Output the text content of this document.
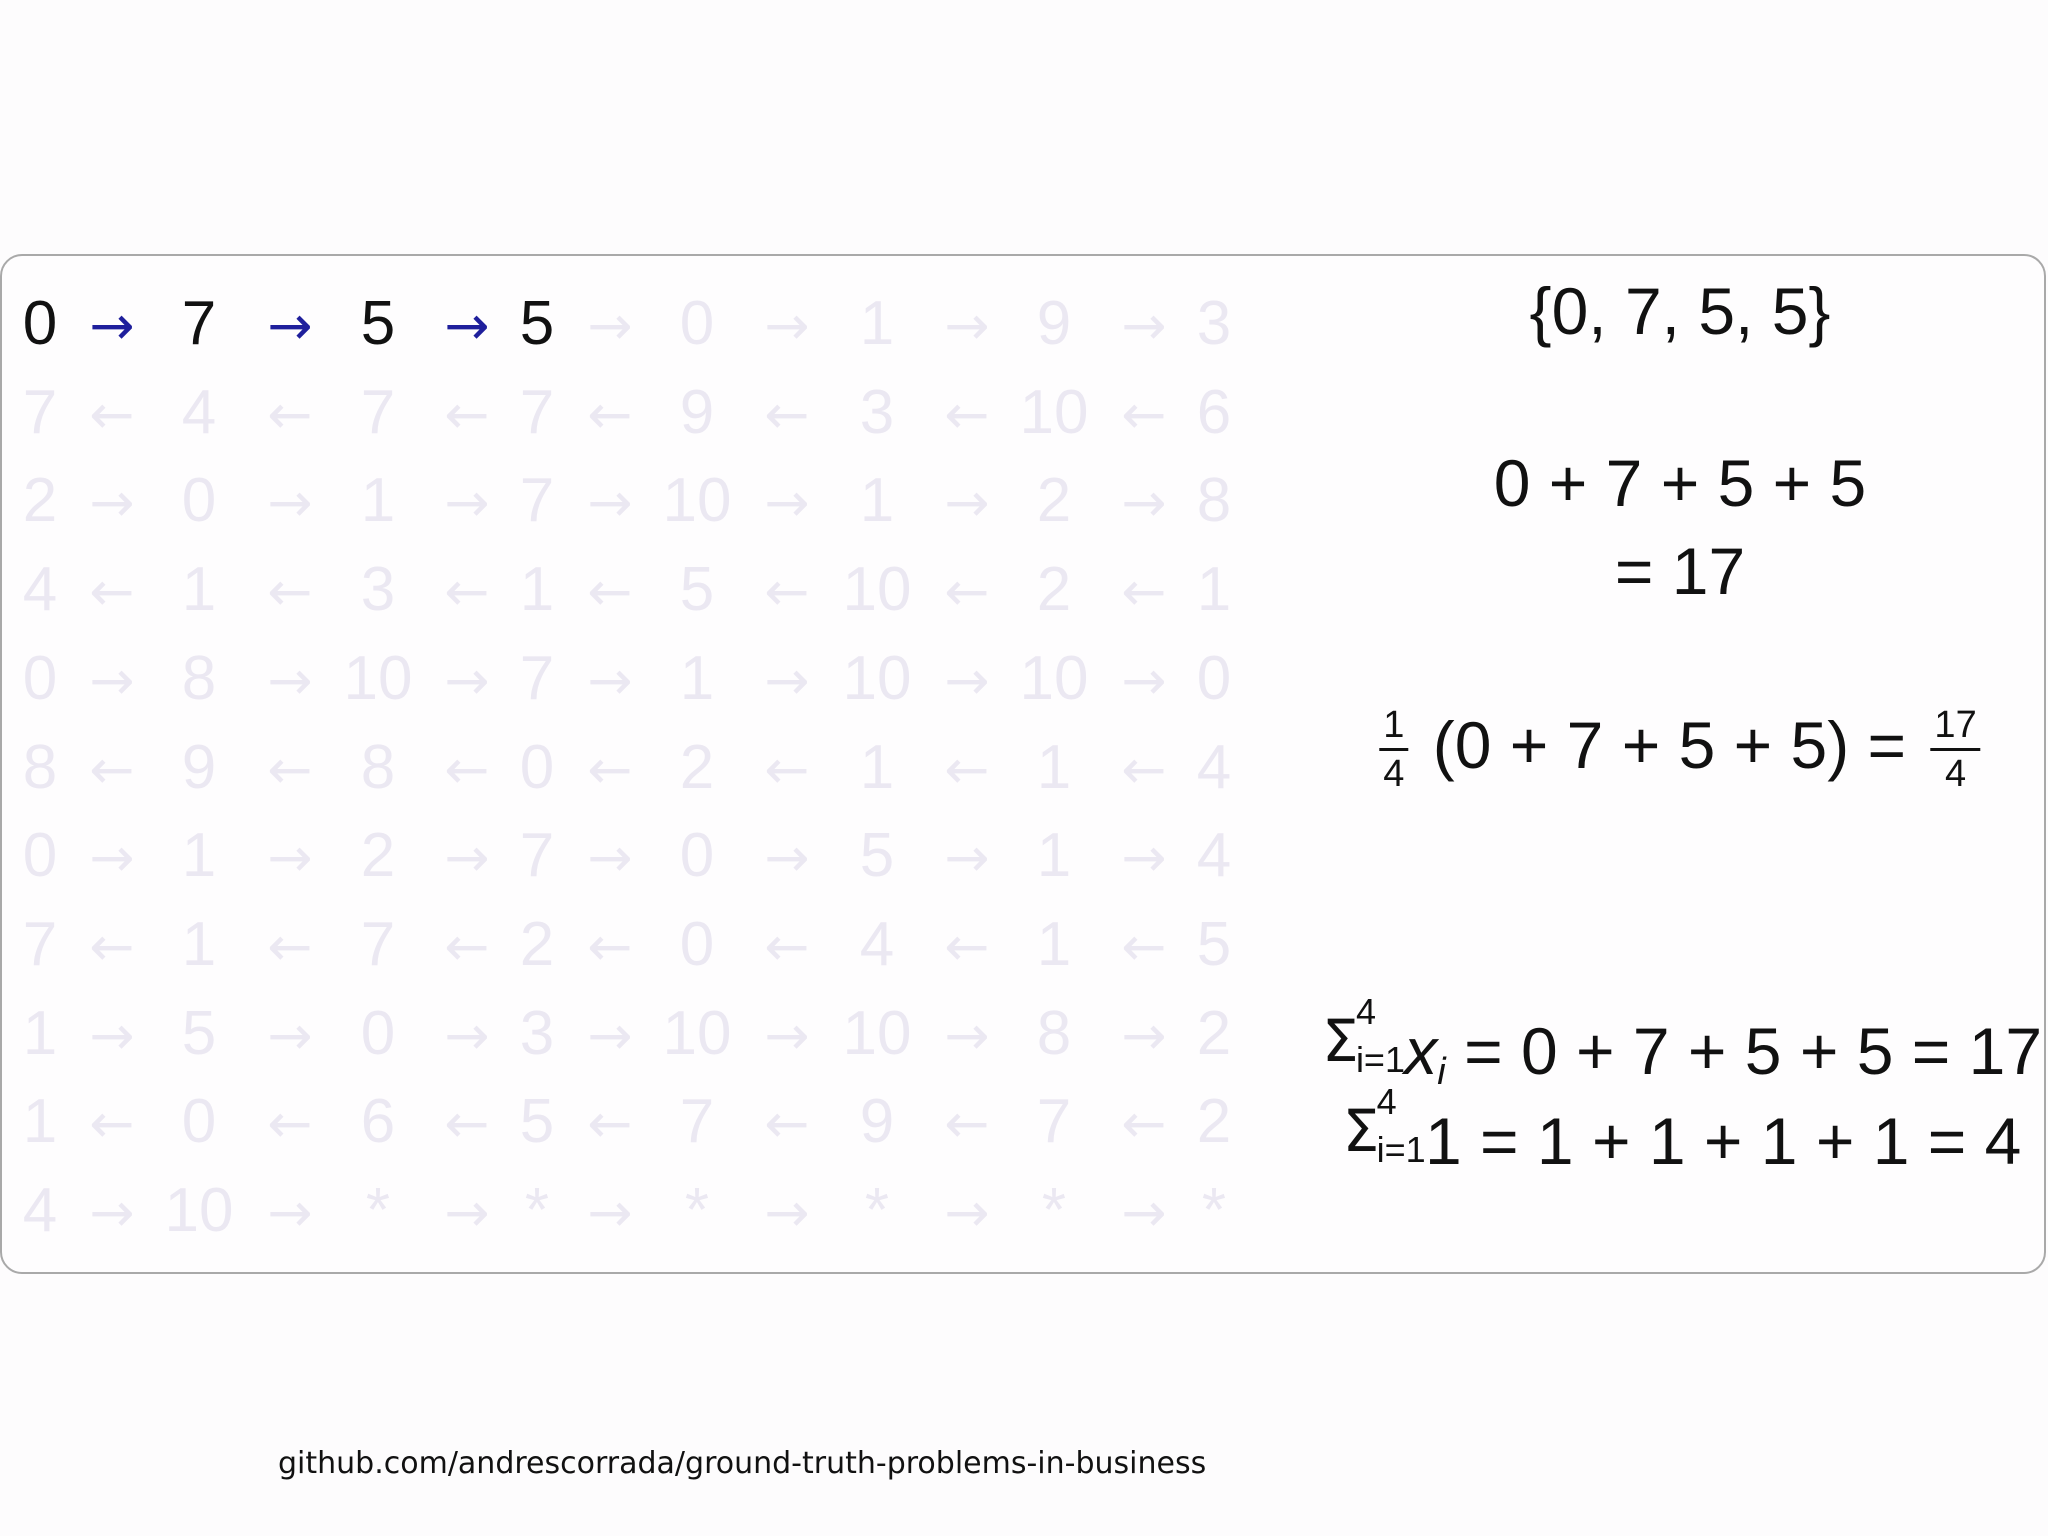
0 → 7 → 5 → 5 → 0 → 1 → 9 → 3
7 ← 4 ← 7 ← 7 ← 9 ← 3 ← 10 ← 6
2 → 0 → 1 → 7 → 10 → 1 → 2 → 8
4 ← 1 ← 3 ← 1 ← 5 ← 10 ← 2 ← 1
0 → 8 → 10 → 7 → 1 → 10 → 10 → 0
8 ← 9 ← 8 ← 0 ← 2 ← 1 ← 1 ← 4
0 → 1 → 2 → 7 → 0 → 5 → 1 → 4
7 ← 1 ← 7 ← 2 ← 0 ← 4 ← 1 ← 5
1 → 5 → 0 → 3 → 10 → 10 → 8 → 2
1 ← 0 ← 6 ← 5 ← 7 ← 9 ← 7 ← 2
4 → 10 → * → * → * → * → * → *
{0, 7, 5, 5}
0 + 7 + 5 + 5
= 17
$\frac{1}{4} (0 + 7 + 5 + 5) = \frac{17}{4}$
Σ
4
i=1 $x_i = 0 + 7 + 5 + 5 = 17$
Σ
4
i=1 1 = 1 + 1 + 1 + 1 = 4
github.com/andrescorrada/ground-truth-problems-in-business
